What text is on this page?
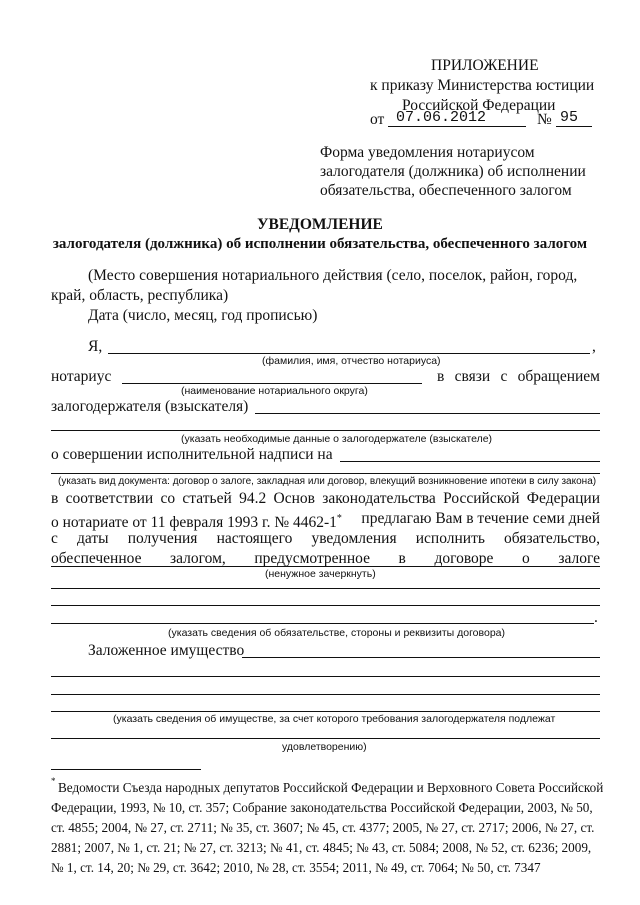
ПРИЛОЖЕНИЕ
к приказу Министерства юстиции
Российской Федерации
от 07.06.2012	№ 95
Форма уведомления нотариусом
залогодателя (должника) об исполнении
обязательства, обеспеченного залогом
УВЕДОМЛЕНИЕ
залогодателя (должника) об исполнении обязательства, обеспеченного залогом
(Место совершения нотариального действия (село, поселок, район, город,
край, область, республика)
Дата (число, месяц, год прописью)
Я,	,
(фамилия, имя, отчество нотариуса)
нотариус	в связи с обращением
(наименование нотариального округа)
залогодержателя (взыскателя)
(указать необходимые данные о залогодержателе (взыскателе)
о совершении исполнительной надписи на
(указать вид документа: договор о залоге, закладная или договор, влекущий возникновение ипотеки в силу закона)
в соответствии со статьей 94.2 Основ законодательства Российской Федерации
о нотариате от 11 февраля 1993 г. № 4462-1* предлагаю Вам в течение семи дней
с даты получения настоящего уведомления исполнить обязательство,
обеспеченное залогом, предусмотренное в договоре о залоге
(ненужное зачеркнуть)
.
(указать сведения об обязательстве, стороны и реквизиты договора)
Заложенное имущество
(указать сведения об имуществе, за счет которого требования залогодержателя подлежат
удовлетворению)
* Ведомости Съезда народных депутатов Российской Федерации и Верховного Совета Российской
Федерации, 1993, № 10, ст. 357; Собрание законодательства Российской Федерации, 2003, № 50,
ст. 4855; 2004, № 27, ст. 2711; № 35, ст. 3607; № 45, ст. 4377; 2005, № 27, ст. 2717; 2006, № 27, ст.
2881; 2007, № 1, ст. 21; № 27, ст. 3213; № 41, ст. 4845; № 43, ст. 5084; 2008, № 52, ст. 6236; 2009,
№ 1, ст. 14, 20; № 29, ст. 3642; 2010, № 28, ст. 3554; 2011, № 49, ст. 7064; № 50, ст. 7347
